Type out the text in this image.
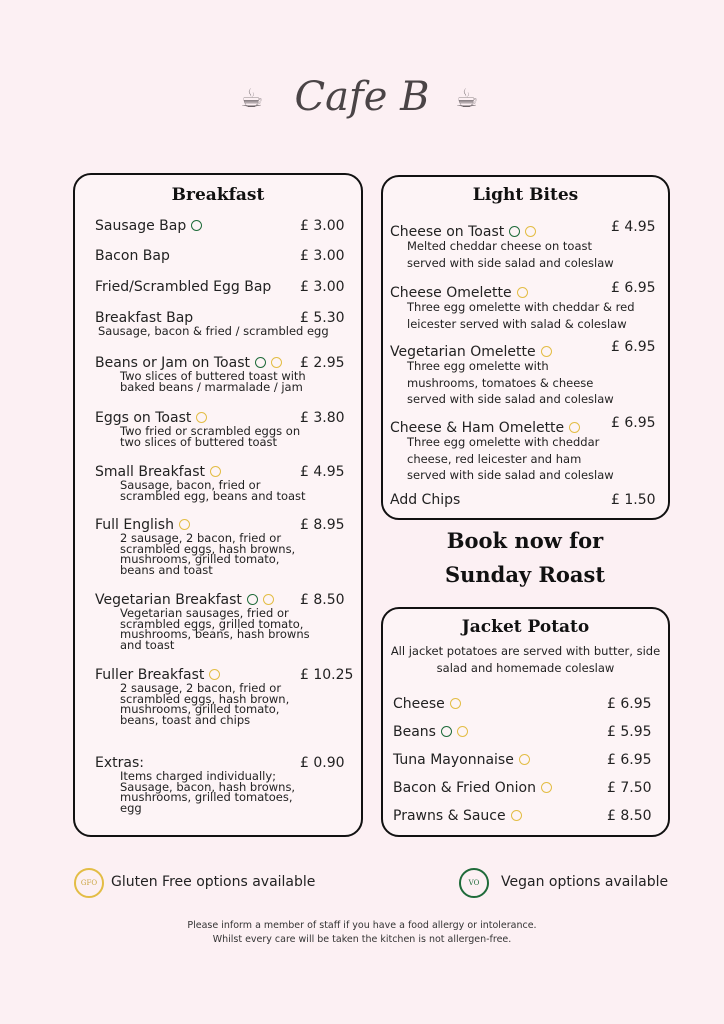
☕ Cafe B ☕
Breakfast
Sausage Bap	£ 3.00
Bacon Bap	£ 3.00
Fried/Scrambled Egg Bap £ 3.00
Breakfast Bap	£ 5.30
Sausage, bacon & fried / scrambled egg
Beans or Jam on Toast	£ 2.95
Two slices of buttered toast with
baked beans / marmalade / jam
Eggs on Toast	£ 3.80
Two fried or scrambled eggs on
two slices of buttered toast
Small Breakfast	£ 4.95
Sausage, bacon, fried or
scrambled egg, beans and toast
Full English	£ 8.95
2 sausage, 2 bacon, fried or
scrambled eggs, hash browns,
mushrooms, grilled tomato,
beans and toast
Vegetarian Breakfast	£ 8.50
Vegetarian sausages, fried or
scrambled eggs, grilled tomato,
mushrooms, beans, hash browns
and toast
Fuller Breakfast	£ 10.25
2 sausage, 2 bacon, fried or
scrambled eggs, hash brown,
mushrooms, grilled tomato,
beans, toast and chips
Extras:	£ 0.90
Items charged individually;
Sausage, bacon, hash browns,
mushrooms, grilled tomatoes,
egg
Light Bites
Cheese on Toast	£ 4.95
Melted cheddar cheese on toast
served with side salad and coleslaw
Cheese Omelette	£ 6.95
Three egg omelette with cheddar & red
leicester served with salad & coleslaw
Vegetarian Omelette	£ 6.95
Three egg omelette with
mushrooms, tomatoes & cheese
served with side salad and coleslaw
Cheese & Ham Omelette	£ 6.95
Three egg omelette with cheddar
cheese, red leicester and ham
served with side salad and coleslaw
Add Chips	£ 1.50
Book now for
Sunday Roast
Jacket Potato
All jacket potatoes are served with butter, side
salad and homemade coleslaw
Cheese	£ 6.95
Beans	£ 5.95
Tuna Mayonnaise	£ 6.95
Bacon & Fried Onion	£ 7.50
Prawns & Sauce	£ 8.50
GFO Gluten Free options available	VO	Vegan options available
Please inform a member of staff if you have a food allergy or intolerance.
Whilst every care will be taken the kitchen is not allergen-free.
